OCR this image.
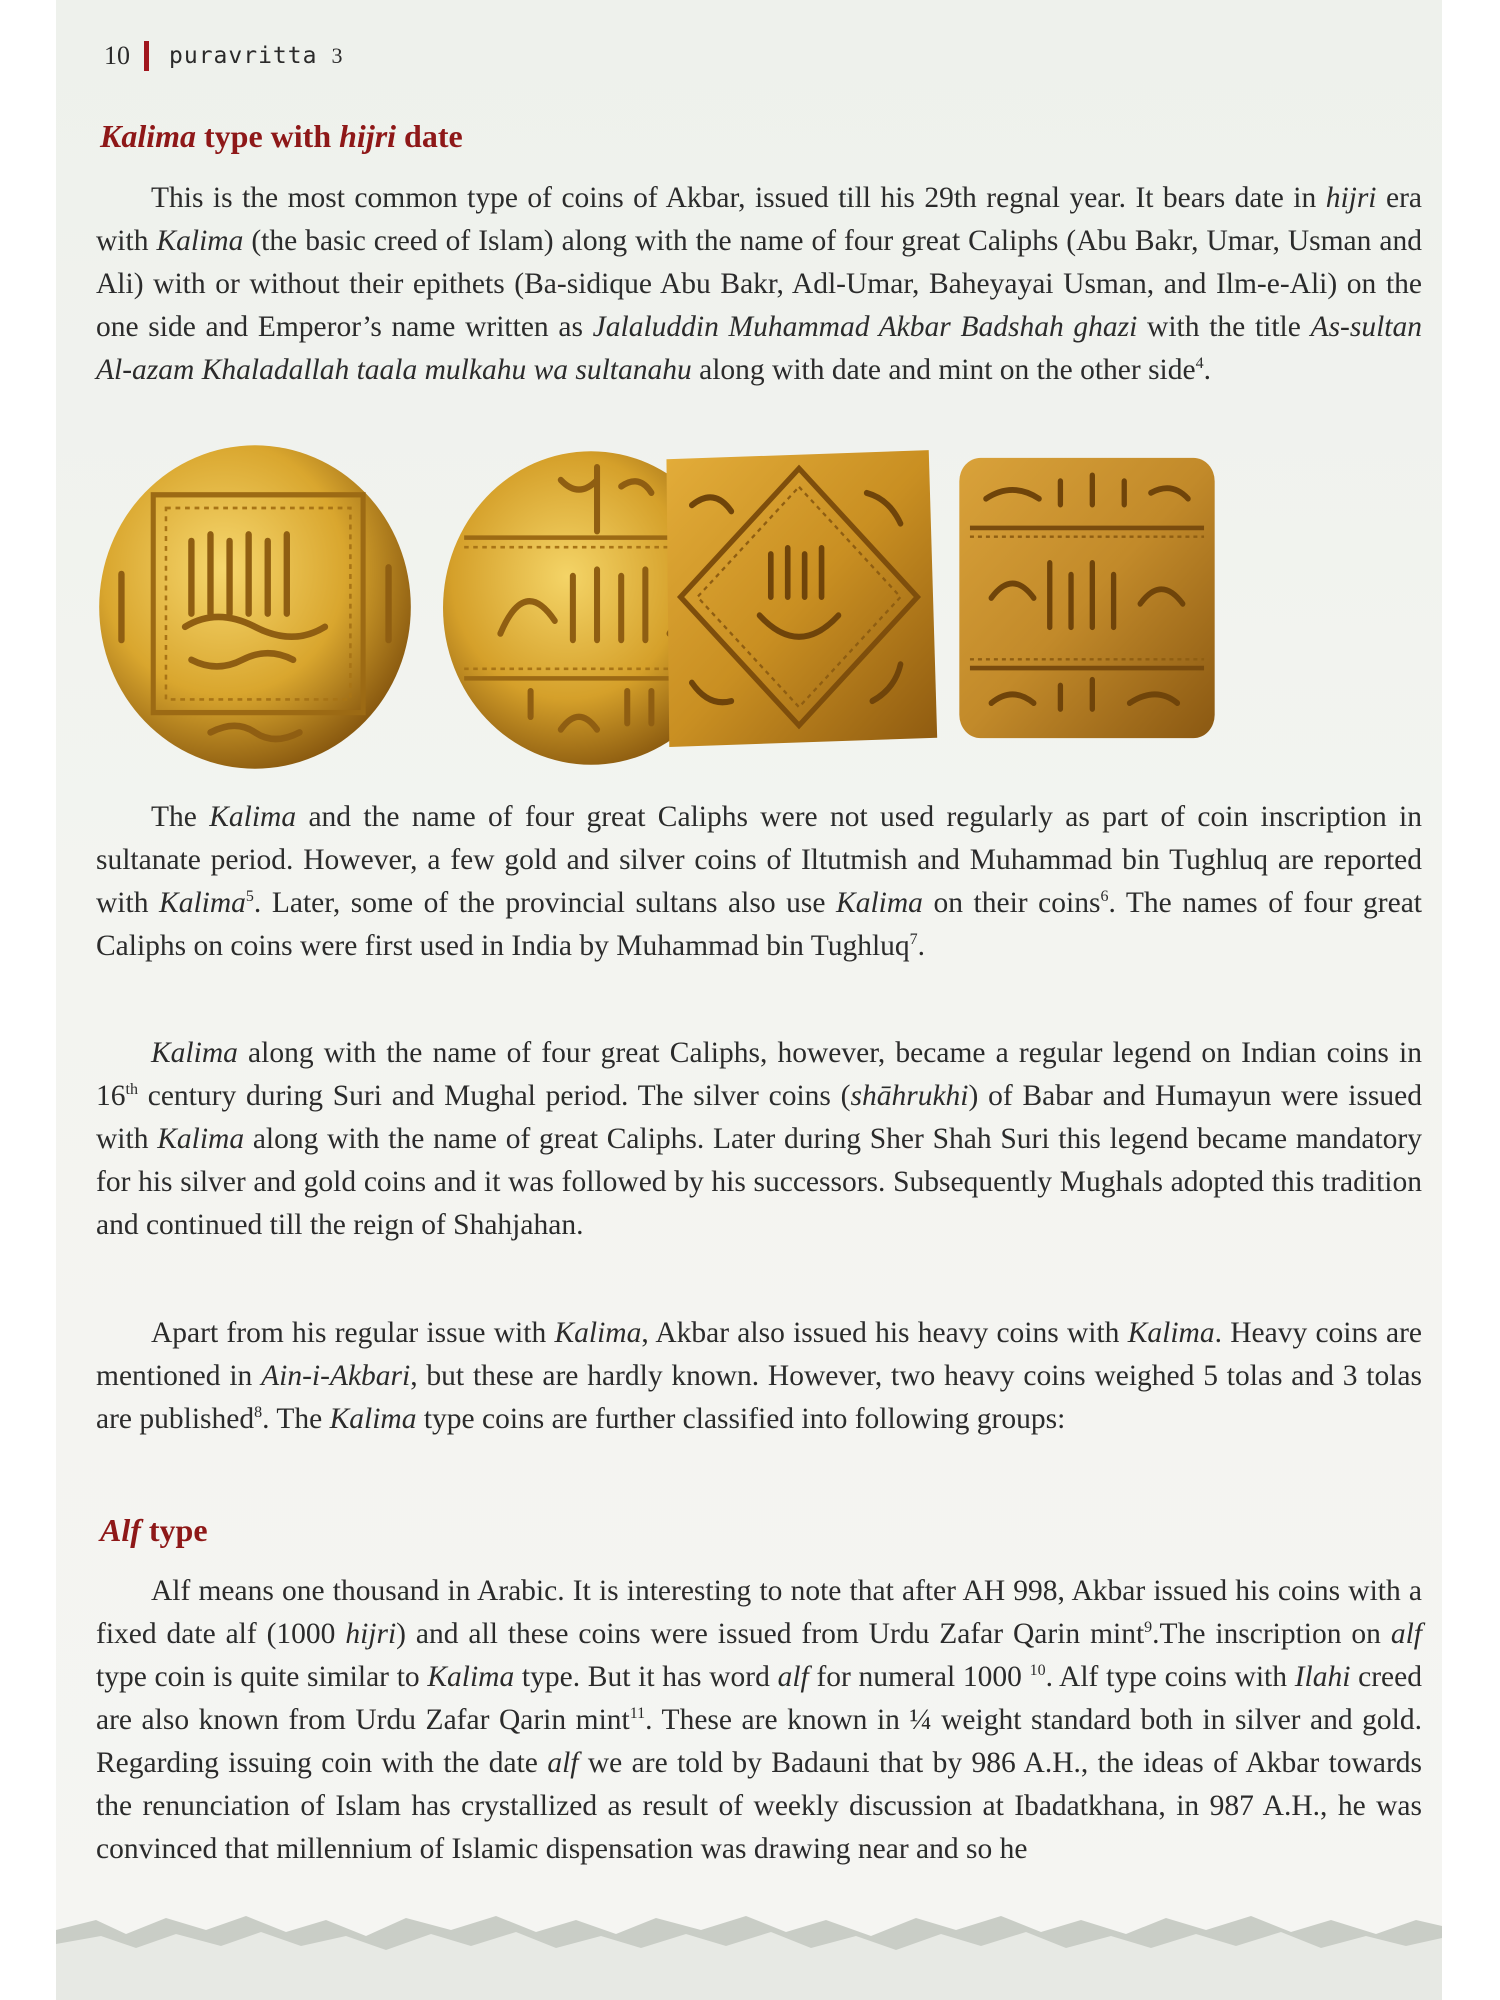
10 puravritta 3
Kalima type with hijri date

This is the most common type of coins of Akbar, issued till his 29th regnal year. It bears date in hijri era with Kalima (the basic creed of Islam) along with the name of four great Caliphs (Abu Bakr, Umar, Usman and Ali) with or without their epithets (Ba-sidique Abu Bakr, Adl-Umar, Baheyayai Usman, and Ilm-e-Ali) on the one side and Emperor’s name written as Jalaluddin Muhammad Akbar Badshah ghazi with the title As-sultan Al-azam Khaladallah taala mulkahu wa sultanahu along with date and mint on the other side$^4$.

The Kalima and the name of four great Caliphs were not used regularly as part of coin inscription in sultanate period. However, a few gold and silver coins of Iltutmish and Muhammad bin Tughluq are reported with Kalima$^5$. Later, some of the provincial sultans also use Kalima on their coins$^6$. The names of four great Caliphs on coins were first used in India by Muhammad bin Tughluq$^7$.

Kalima along with the name of four great Caliphs, however, became a regular legend on Indian coins in 16th century during Suri and Mughal period. The silver coins (shāhrukhi) of Babar and Humayun were issued with Kalima along with the name of great Caliphs. Later during Sher Shah Suri this legend became mandatory for his silver and gold coins and it was followed by his successors. Subsequently Mughals adopted this tradition and continued till the reign of Shahjahan.

Apart from his regular issue with Kalima, Akbar also issued his heavy coins with Kalima. Heavy coins are mentioned in Ain-i-Akbari, but these are hardly known. However, two heavy coins weighed 5 tolas and 3 tolas are published$^8$. The Kalima type coins are further classified into following groups:

Alf type

Alf means one thousand in Arabic. It is interesting to note that after AH 998, Akbar issued his coins with a fixed date alf (1000 hijri) and all these coins were issued from Urdu Zafar Qarin mint$^9$.The inscription on alf type coin is quite similar to Kalima type. But it has word alf for numeral 1000 $^{10}$. Alf type coins with Ilahi creed are also known from Urdu Zafar Qarin mint$^{11}$. These are known in ¼ weight standard both in silver and gold. Regarding issuing coin with the date alf we are told by Badauni that by 986 A.H., the ideas of Akbar towards the renunciation of Islam has crystallized as result of weekly discussion at Ibadatkhana, in 987 A.H., he was convinced that millennium of Islamic dispensation was drawing near and so he
